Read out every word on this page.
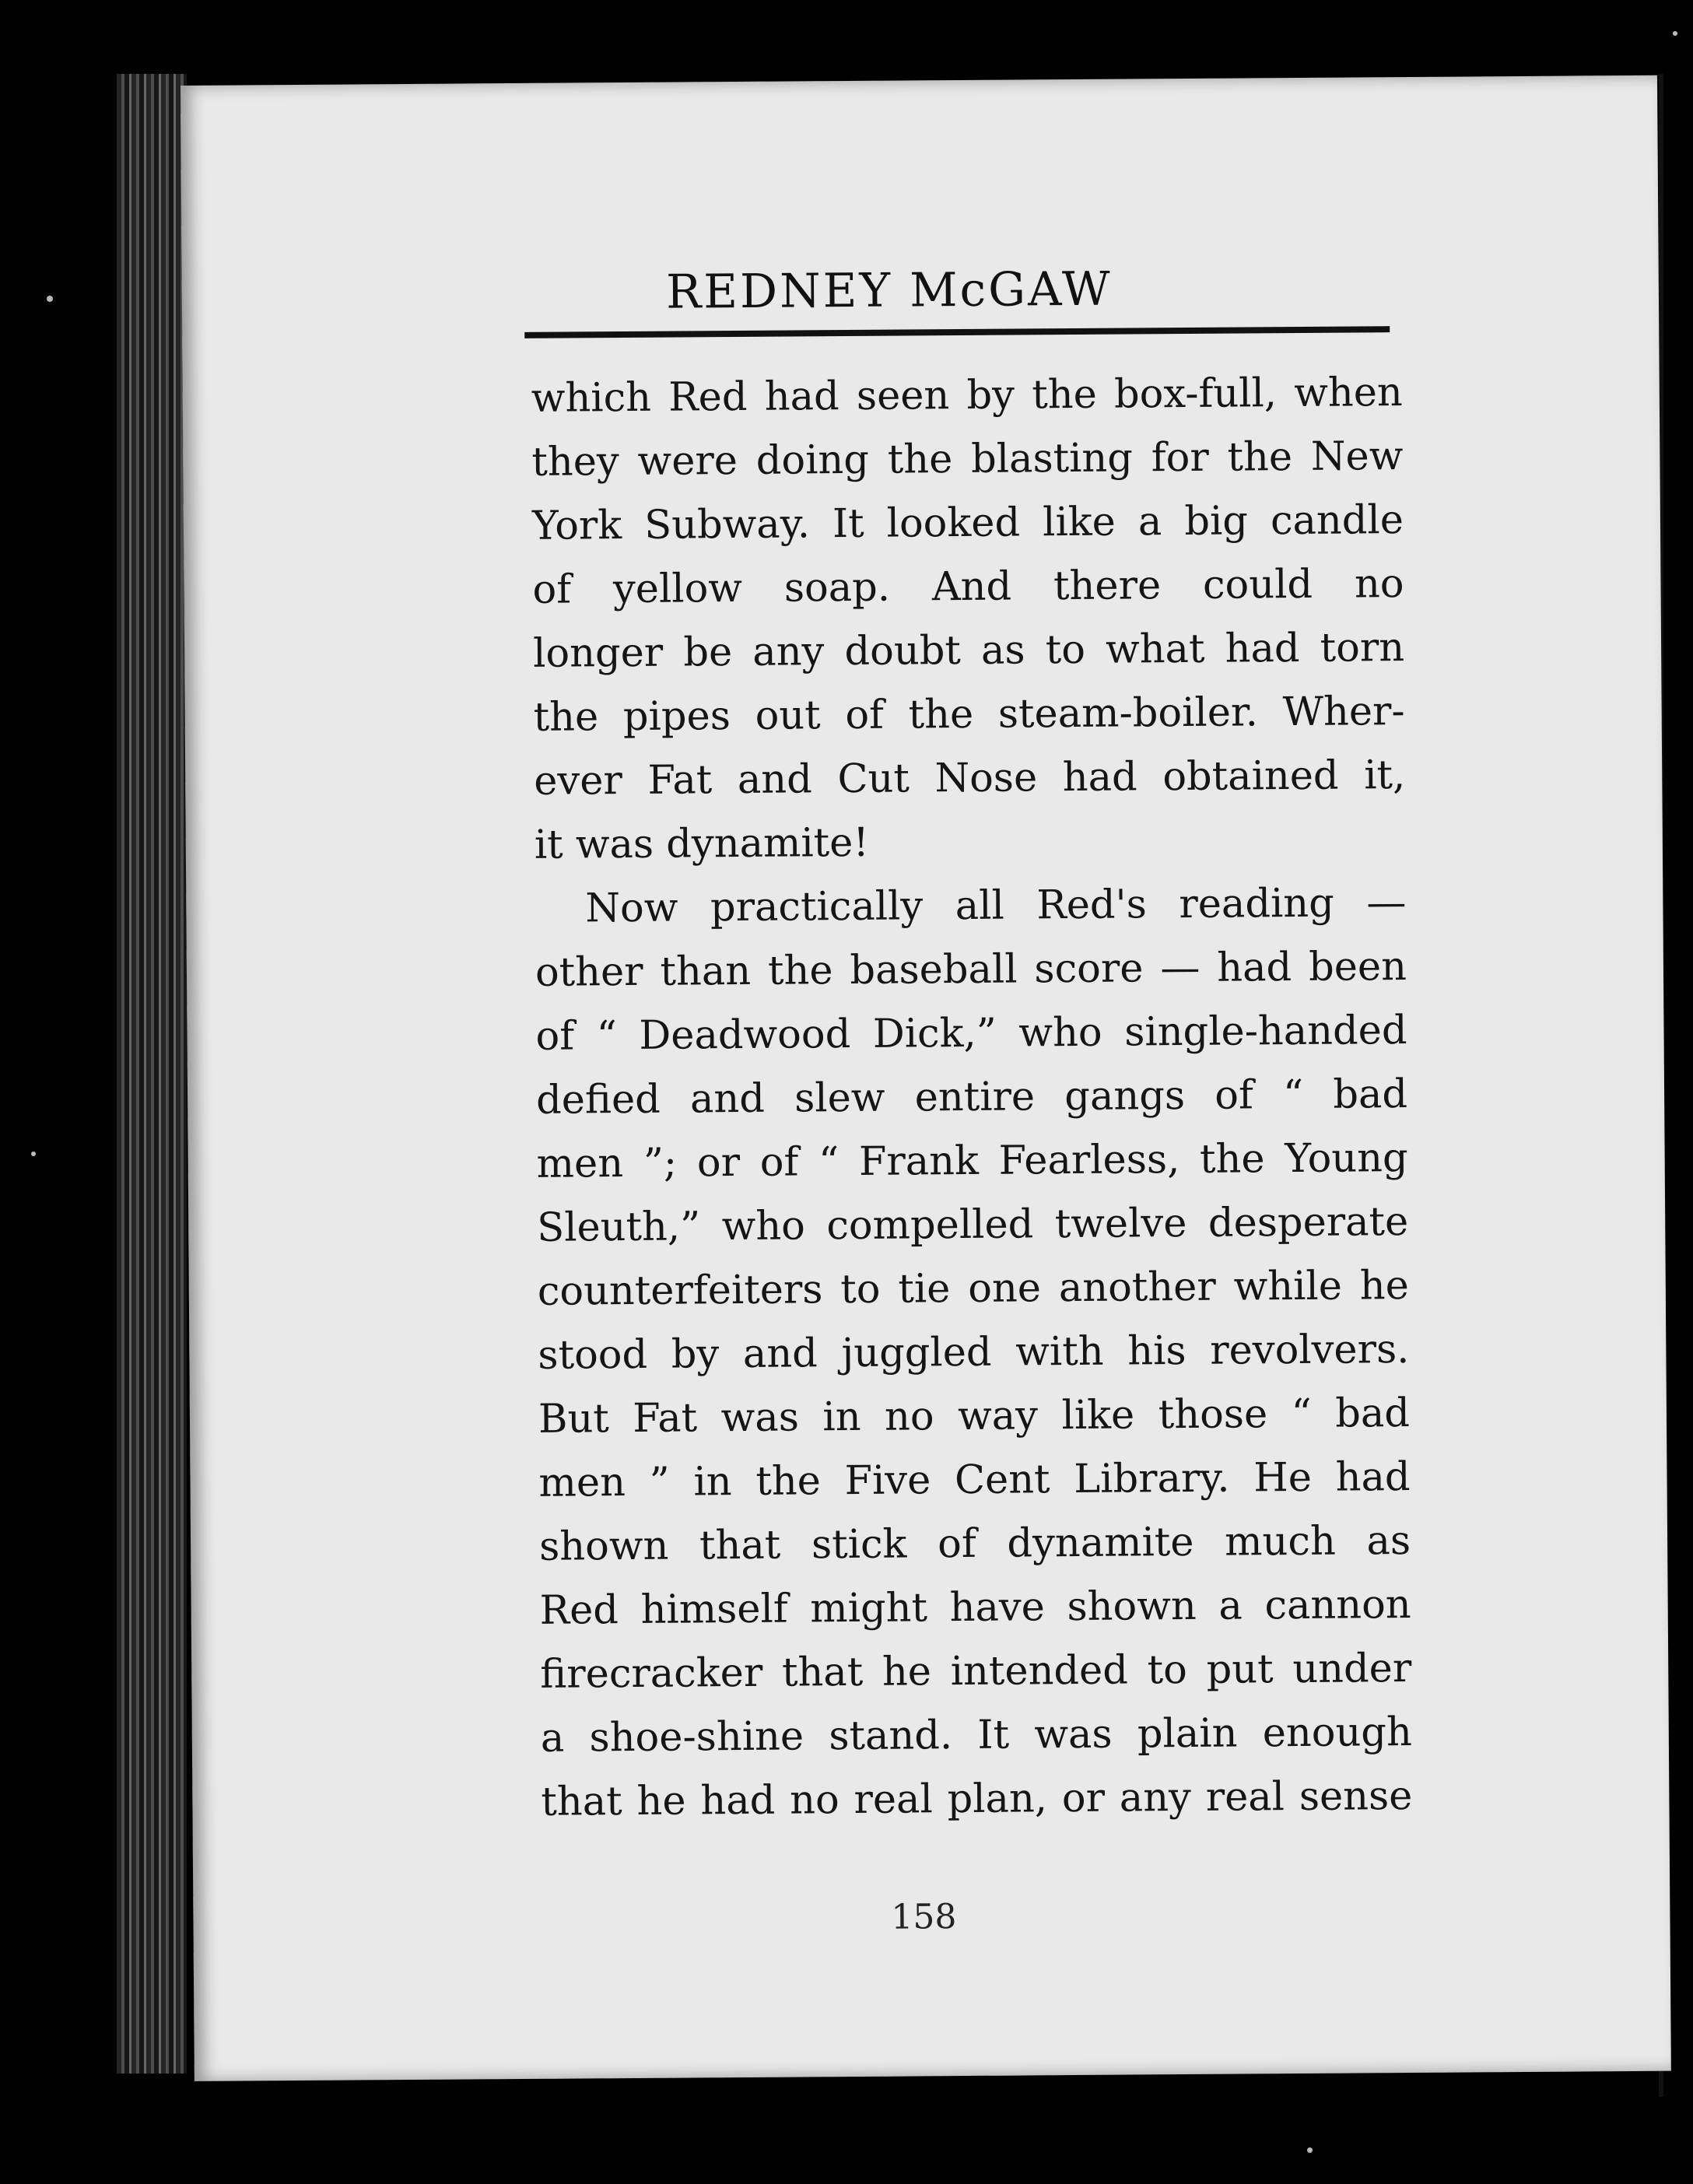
REDNEY McGAW
which Red had seen by the box-full, when
they were doing the blasting for the New
York Subway. It looked like a big candle
of yellow soap. And there could no
longer be any doubt as to what had torn
the pipes out of the steam-boiler. Wher-
ever Fat and Cut Nose had obtained it,
it was dynamite!
Now practically all Red's reading —
other than the baseball score — had been
of “ Deadwood Dick,” who single-handed
defied and slew entire gangs of “ bad
men ”; or of “ Frank Fearless, the Young
Sleuth,” who compelled twelve desperate
counterfeiters to tie one another while he
stood by and juggled with his revolvers.
But Fat was in no way like those “ bad
men ” in the Five Cent Library. He had
shown that stick of dynamite much as
Red himself might have shown a cannon
firecracker that he intended to put under
a shoe-shine stand. It was plain enough
that he had no real plan, or any real sense
158
